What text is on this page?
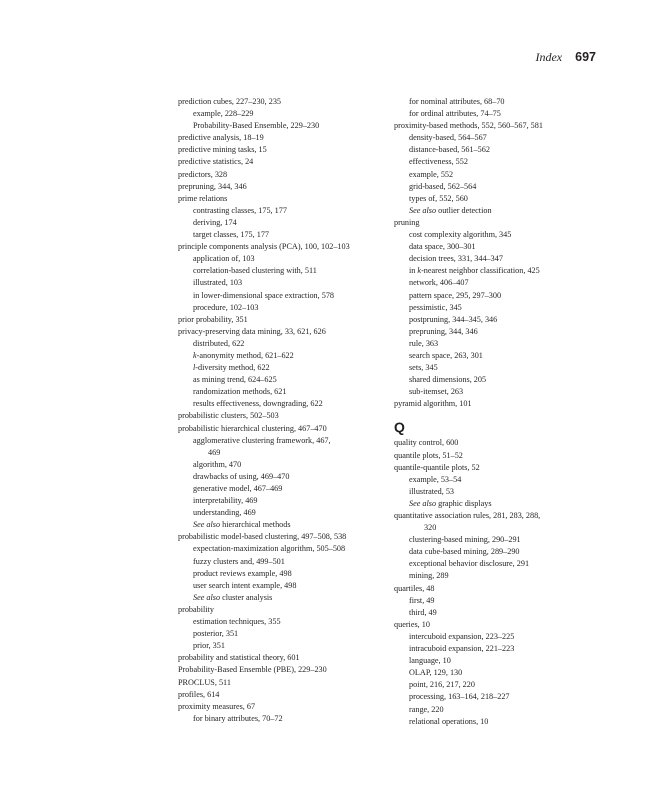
Index 697
prediction cubes, 227–230, 235
example, 228–229
Probability-Based Ensemble, 229–230
predictive analysis, 18–19
predictive mining tasks, 15
predictive statistics, 24
predictors, 328
prepruning, 344, 346
prime relations
contrasting classes, 175, 177
deriving, 174
target classes, 175, 177
principle components analysis (PCA), 100, 102–103
application of, 103
correlation-based clustering with, 511
illustrated, 103
in lower-dimensional space extraction, 578
procedure, 102–103
prior probability, 351
privacy-preserving data mining, 33, 621, 626
distributed, 622
k-anonymity method, 621–622
l-diversity method, 622
as mining trend, 624–625
randomization methods, 621
results effectiveness, downgrading, 622
probabilistic clusters, 502–503
probabilistic hierarchical clustering, 467–470
agglomerative clustering framework, 467,
469
algorithm, 470
drawbacks of using, 469–470
generative model, 467–469
interpretability, 469
understanding, 469
See also hierarchical methods
probabilistic model-based clustering, 497–508, 538
expectation-maximization algorithm, 505–508
fuzzy clusters and, 499–501
product reviews example, 498
user search intent example, 498
See also cluster analysis
probability
estimation techniques, 355
posterior, 351
prior, 351
probability and statistical theory, 601
Probability-Based Ensemble (PBE), 229–230
PROCLUS, 511
profiles, 614
proximity measures, 67
for binary attributes, 70–72
for nominal attributes, 68–70
for ordinal attributes, 74–75
proximity-based methods, 552, 560–567, 581
density-based, 564–567
distance-based, 561–562
effectiveness, 552
example, 552
grid-based, 562–564
types of, 552, 560
See also outlier detection
pruning
cost complexity algorithm, 345
data space, 300–301
decision trees, 331, 344–347
in k-nearest neighbor classification, 425
network, 406–407
pattern space, 295, 297–300
pessimistic, 345
postpruning, 344–345, 346
prepruning, 344, 346
rule, 363
search space, 263, 301
sets, 345
shared dimensions, 205
sub-itemset, 263
pyramid algorithm, 101
Q
quality control, 600
quantile plots, 51–52
quantile-quantile plots, 52
example, 53–54
illustrated, 53
See also graphic displays
quantitative association rules, 281, 283, 288,
320
clustering-based mining, 290–291
data cube-based mining, 289–290
exceptional behavior disclosure, 291
mining, 289
quartiles, 48
first, 49
third, 49
queries, 10
intercuboid expansion, 223–225
intracuboid expansion, 221–223
language, 10
OLAP, 129, 130
point, 216, 217, 220
processing, 163–164, 218–227
range, 220
relational operations, 10
